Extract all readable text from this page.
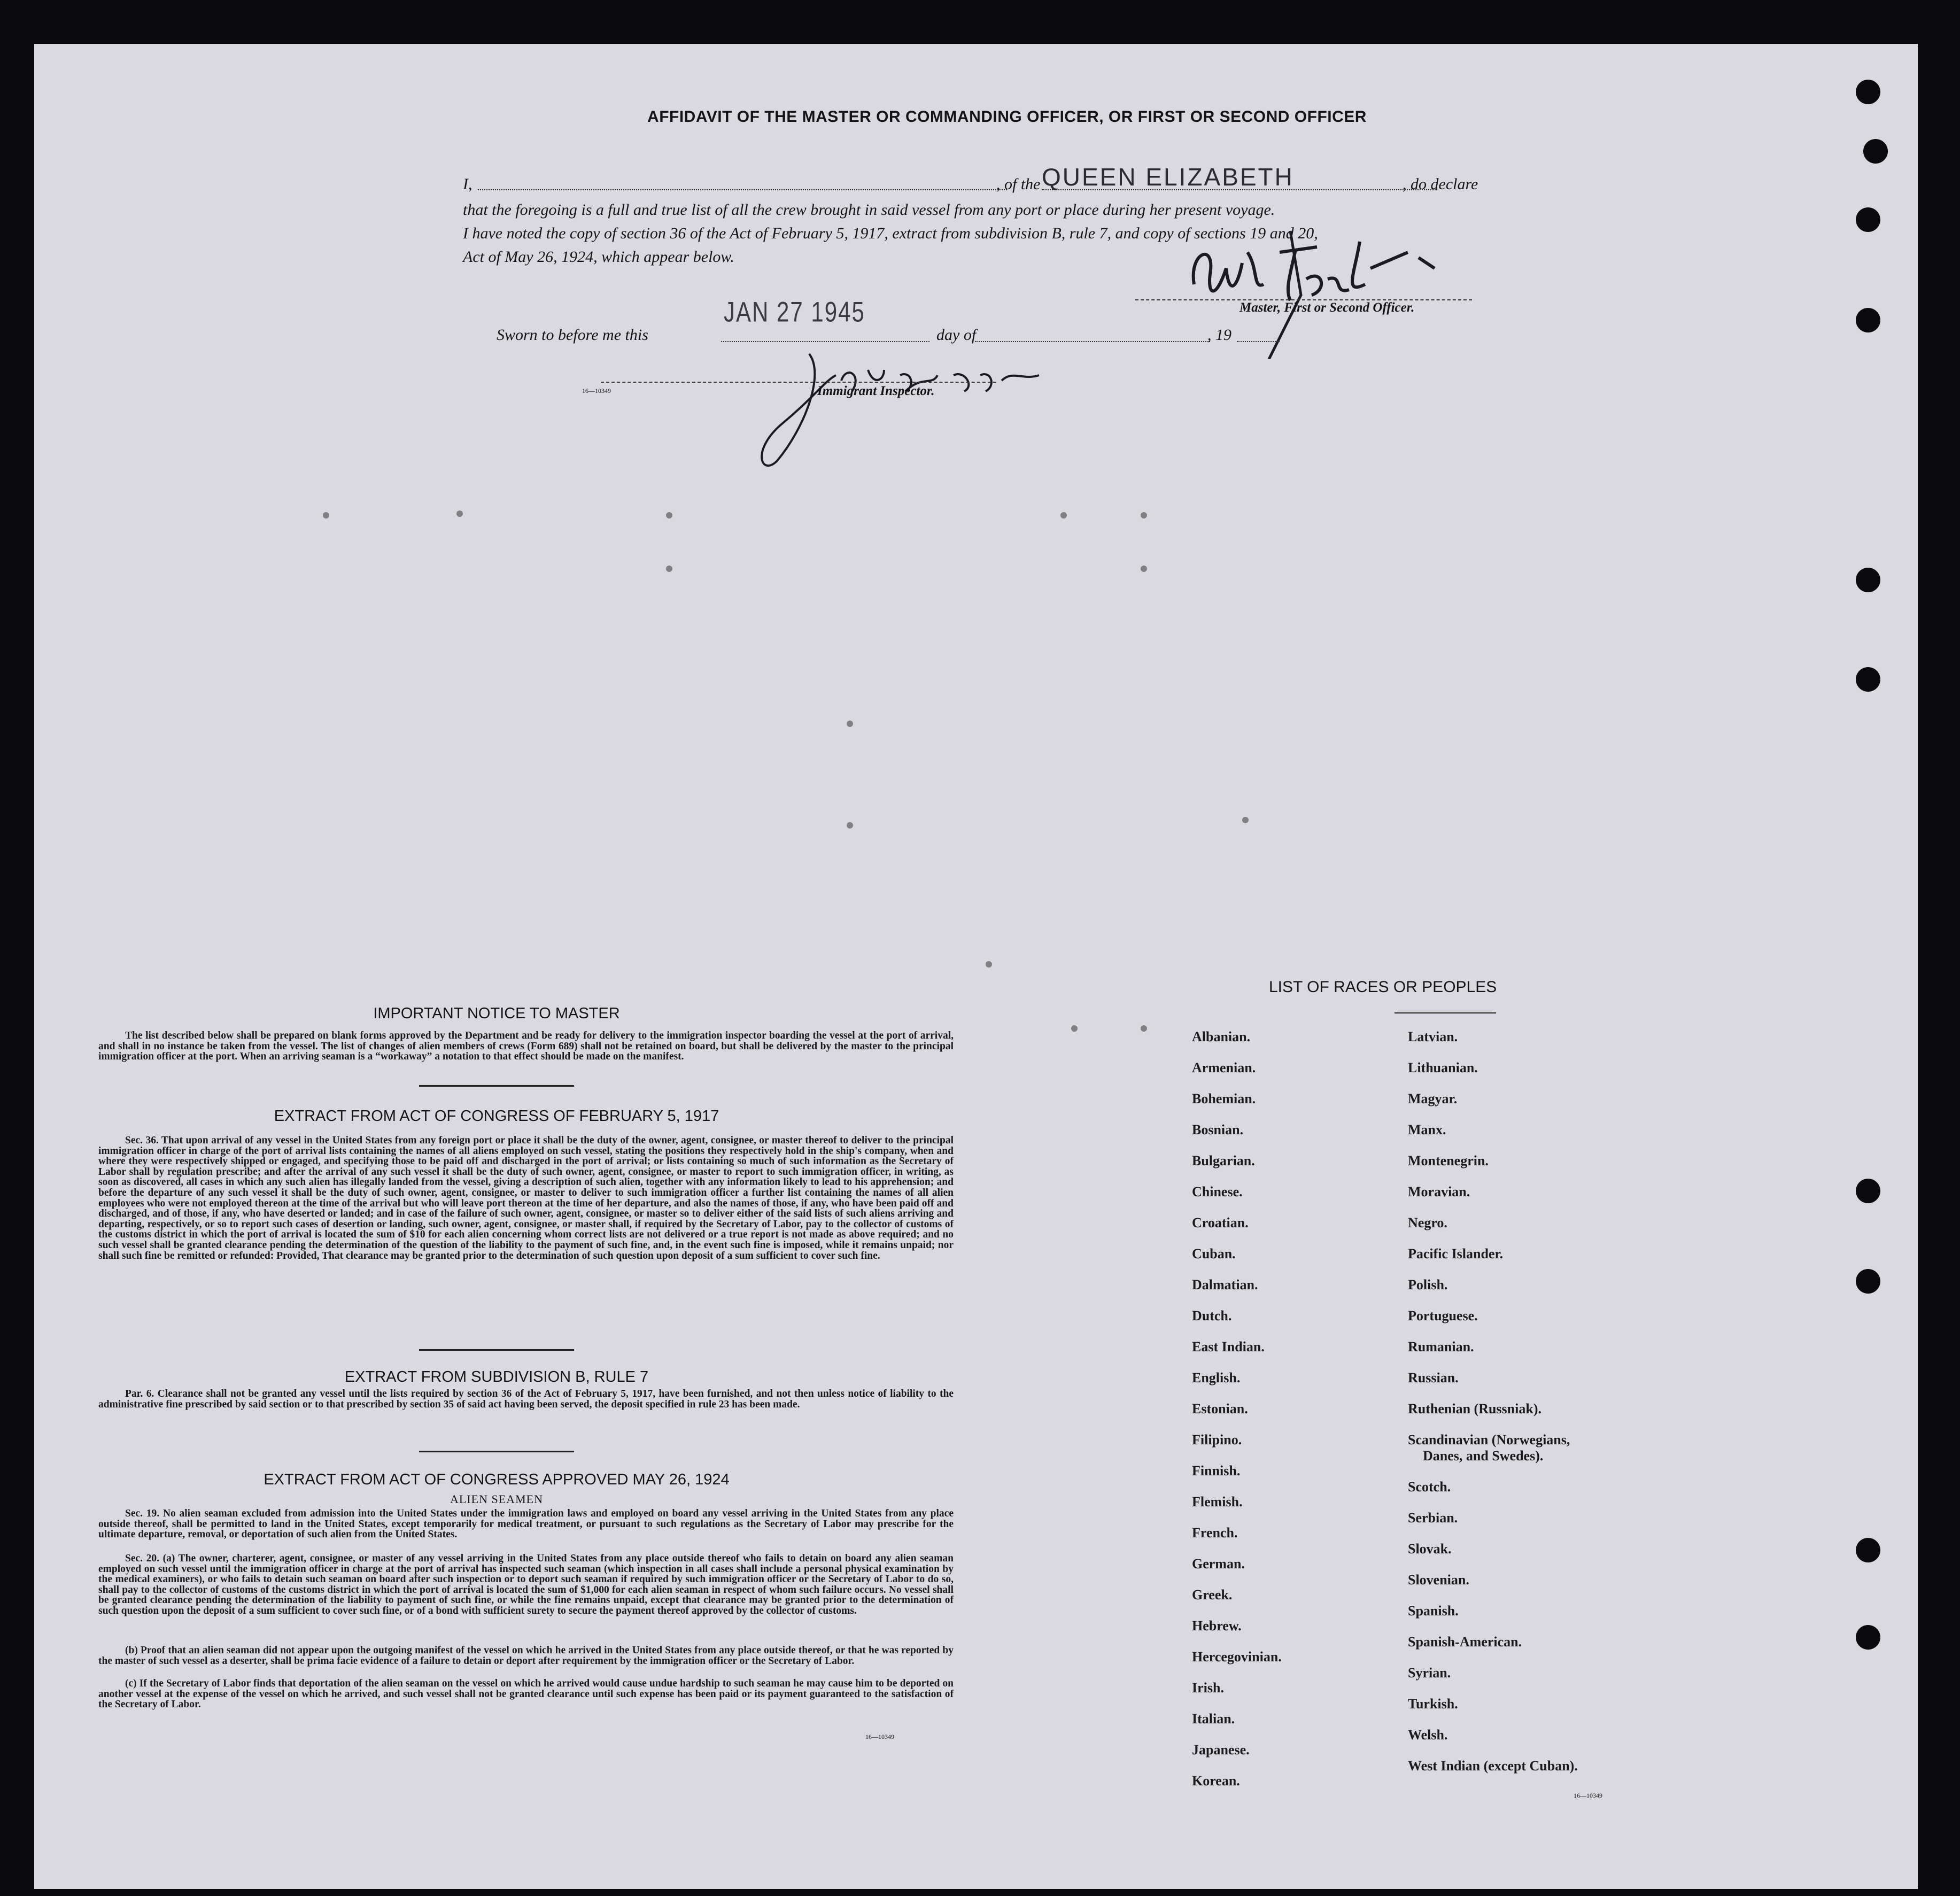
AFFIDAVIT OF THE MASTER OR COMMANDING OFFICER, OR FIRST OR SECOND OFFICER
I,	, of the QUEEN ELIZABETH	, do declare
that the foregoing is a full and true list of all the crew brought in said vessel from any port or place during her present voyage.
I have noted the copy of section 36 of the Act of February 5, 1917, extract from subdivision B, rule 7, and copy of sections 19 and 20,
Act of May 26, 1924, which appear below.
Master, First or Second Officer.
Sworn to before me this
JAN 27 1945
day of	, 19
16—10349	Immigrant Inspector.
IMPORTANT NOTICE TO MASTER
The list described below shall be prepared on blank forms approved by the Department and be ready for delivery to the immigration inspector boarding the vessel at the port of arrival, and shall in no instance be taken from the vessel. The list of changes of alien members of crews (Form 689) shall not be retained on board, but shall be delivered by the master to the principal immigration officer at the port. When an arriving seaman is a “workaway” a notation to that effect should be made on the manifest.
EXTRACT FROM ACT OF CONGRESS OF FEBRUARY 5, 1917
Sec. 36. That upon arrival of any vessel in the United States from any foreign port or place it shall be the duty of the owner, agent, consignee, or master thereof to deliver to the principal immigration officer in charge of the port of arrival lists containing the names of all aliens employed on such vessel, stating the positions they respectively hold in the ship's company, when and where they were respectively shipped or engaged, and specifying those to be paid off and discharged in the port of arrival; or lists containing so much of such information as the Secretary of Labor shall by regulation prescribe; and after the arrival of any such vessel it shall be the duty of such owner, agent, consignee, or master to report to such immigration officer, in writing, as soon as discovered, all cases in which any such alien has illegally landed from the vessel, giving a description of such alien, together with any information likely to lead to his apprehension; and before the departure of any such vessel it shall be the duty of such owner, agent, consignee, or master to deliver to such immigration officer a further list containing the names of all alien employees who were not employed thereon at the time of the arrival but who will leave port thereon at the time of her departure, and also the names of those, if any, who have been paid off and discharged, and of those, if any, who have deserted or landed; and in case of the failure of such owner, agent, consignee, or master so to deliver either of the said lists of such aliens arriving and departing, respectively, or so to report such cases of desertion or landing, such owner, agent, consignee, or master shall, if required by the Secretary of Labor, pay to the collector of customs of the customs district in which the port of arrival is located the sum of $10 for each alien concerning whom correct lists are not delivered or a true report is not made as above required; and no such vessel shall be granted clearance pending the determination of the question of the liability to the payment of such fine, and, in the event such fine is imposed, while it remains unpaid; nor shall such fine be remitted or refunded: Provided, That clearance may be granted prior to the determination of such question upon deposit of a sum sufficient to cover such fine.
EXTRACT FROM SUBDIVISION B, RULE 7
Par. 6. Clearance shall not be granted any vessel until the lists required by section 36 of the Act of February 5, 1917, have been furnished, and not then unless notice of liability to the administrative fine prescribed by said section or to that prescribed by section 35 of said act having been served, the deposit specified in rule 23 has been made.
EXTRACT FROM ACT OF CONGRESS APPROVED MAY 26, 1924
ALIEN SEAMEN
Sec. 19. No alien seaman excluded from admission into the United States under the immigration laws and employed on board any vessel arriving in the United States from any place outside thereof, shall be permitted to land in the United States, except temporarily for medical treatment, or pursuant to such regulations as the Secretary of Labor may prescribe for the ultimate departure, removal, or deportation of such alien from the United States.
Sec. 20. (a) The owner, charterer, agent, consignee, or master of any vessel arriving in the United States from any place outside thereof who fails to detain on board any alien seaman employed on such vessel until the immigration officer in charge at the port of arrival has inspected such seaman (which inspection in all cases shall include a personal physical examination by the medical examiners), or who fails to detain such seaman on board after such inspection or to deport such seaman if required by such immigration officer or the Secretary of Labor to do so, shall pay to the collector of customs of the customs district in which the port of arrival is located the sum of $1,000 for each alien seaman in respect of whom such failure occurs. No vessel shall be granted clearance pending the determination of the liability to payment of such fine, or while the fine remains unpaid, except that clearance may be granted prior to the determination of such question upon the deposit of a sum sufficient to cover such fine, or of a bond with sufficient surety to secure the payment thereof approved by the collector of customs.
(b) Proof that an alien seaman did not appear upon the outgoing manifest of the vessel on which he arrived in the United States from any place outside thereof, or that he was reported by the master of such vessel as a deserter, shall be prima facie evidence of a failure to detain or deport after requirement by the immigration officer or the Secretary of Labor.
(c) If the Secretary of Labor finds that deportation of the alien seaman on the vessel on which he arrived would cause undue hardship to such seaman he may cause him to be deported on another vessel at the expense of the vessel on which he arrived, and such vessel shall not be granted clearance until such expense has been paid or its payment guaranteed to the satisfaction of the Secretary of Labor.
16—10349
LIST OF RACES OR PEOPLES
Albanian.
Armenian.
Bohemian.
Bosnian.
Bulgarian.
Chinese.
Croatian.
Cuban.
Dalmatian.
Dutch.
East Indian.
English.
Estonian.
Filipino.
Finnish.
Flemish.
French.
German.
Greek.
Hebrew.
Hercegovinian.
Irish.
Italian.
Japanese.
Korean.
Latvian.
Lithuanian.
Magyar.
Manx.
Montenegrin.
Moravian.
Negro.
Pacific Islander.
Polish.
Portuguese.
Rumanian.
Russian.
Ruthenian (Russniak).
Scandinavian (Norwegians,
Danes, and Swedes).
Scotch.
Serbian.
Slovak.
Slovenian.
Spanish.
Spanish-American.
Syrian.
Turkish.
Welsh.
West Indian (except Cuban).
16—10349
